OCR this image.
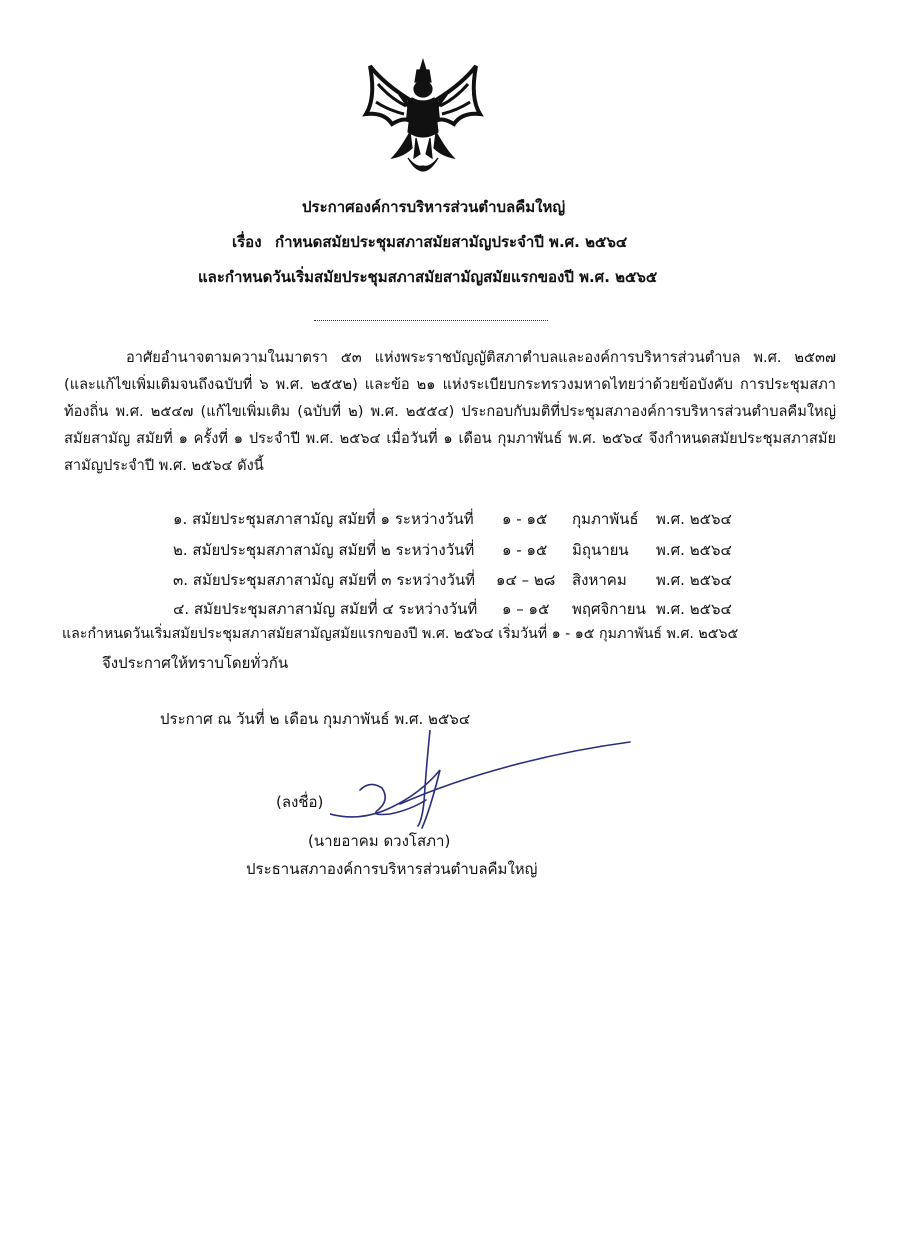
ประกาศองค์การบริหารส่วนตำบลคืมใหญ่
เรื่อง กำหนดสมัยประชุมสภาสมัยสามัญประจำปี พ.ศ. ๒๕๖๔
และกำหนดวันเริ่มสมัยประชุมสภาสมัยสามัญสมัยแรกของปี พ.ศ. ๒๕๖๕
อาศัยอำนาจตามความในมาตรา ๕๓ แห่งพระราชบัญญัติสภาตำบลและองค์การบริหารส่วนตำบล พ.ศ. ๒๕๓๗ (และแก้ไขเพิ่มเติมจนถึงฉบับที่ ๖ พ.ศ. ๒๕๕๒) และข้อ ๒๑ แห่งระเบียบกระทรวงมหาดไทยว่าด้วยข้อบังคับ การประชุมสภาท้องถิ่น พ.ศ. ๒๕๔๗ (แก้ไขเพิ่มเติม (ฉบับที่ ๒) พ.ศ. ๒๕๕๔) ประกอบกับมติที่ประชุมสภาองค์การบริหารส่วนตำบลคืมใหญ่สมัยสามัญ สมัยที่ ๑ ครั้งที่ ๑ ประจำปี พ.ศ. ๒๕๖๔ เมื่อวันที่ ๑ เดือน กุมภาพันธ์ พ.ศ. ๒๕๖๔ จึงกำหนดสมัยประชุมสภาสมัยสามัญประจำปี พ.ศ. ๒๕๖๔ ดังนี้
๑. สมัยประชุมสภาสามัญ สมัยที่ ๑ ระหว่างวันที่ ๑ - ๑๕ กุมภาพันธ์ พ.ศ. ๒๕๖๔
๒. สมัยประชุมสภาสามัญ สมัยที่ ๒ ระหว่างวันที่ ๑ - ๑๕ มิถุนายน พ.ศ. ๒๕๖๔
๓. สมัยประชุมสภาสามัญ สมัยที่ ๓ ระหว่างวันที่ ๑๔ – ๒๘ สิงหาคม พ.ศ. ๒๕๖๔
๔. สมัยประชุมสภาสามัญ สมัยที่ ๔ ระหว่างวันที่ ๑ – ๑๕ พฤศจิกายน พ.ศ. ๒๕๖๔
และกำหนดวันเริ่มสมัยประชุมสภาสมัยสามัญสมัยแรกของปี พ.ศ. ๒๕๖๔ เริ่มวันที่ ๑ - ๑๕ กุมภาพันธ์ พ.ศ. ๒๕๖๕
จึงประกาศให้ทราบโดยทั่วกัน
ประกาศ ณ วันที่ ๒ เดือน กุมภาพันธ์ พ.ศ. ๒๕๖๔
(ลงชื่อ)
(นายอาคม ดวงโสภา)
ประธานสภาองค์การบริหารส่วนตำบลคืมใหญ่
